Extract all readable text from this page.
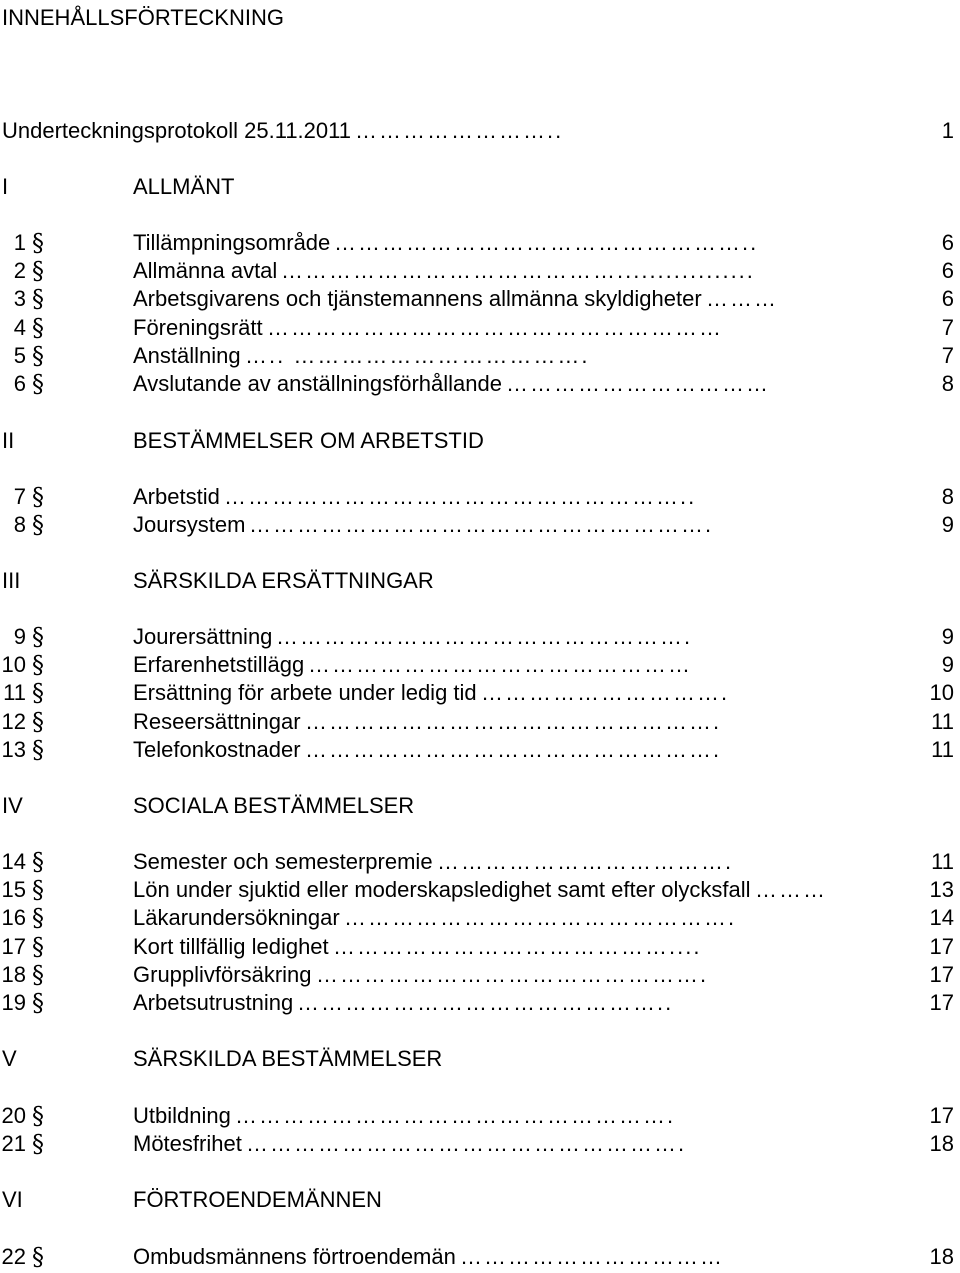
INNEHÅLLSFÖRTECKNING
Underteckningsprotokoll 25.11.2011 ……………………..	1
I	ALLMÄNT
1 §	Tillämpningsområde ……………………………………………..	6
2 §	Allmänna avtal …………………………………….................	6
3 §	Arbetsgivarens och tjänstemannens allmänna skyldigheter ………	6
4 §	Föreningsrätt …………………………………………………	7
5 §	Anställning ….. ……………………………….	7
6 §	Avslutande av anställningsförhållande ……………………………	8
II	BESTÄMMELSER OM ARBETSTID
7 §	Arbetstid …………………………………………………..	8
8 §	Joursystem ………………………………………………….	9
III	SÄRSKILDA ERSÄTTNINGAR
9 §	Jourersättning …………………………………………….	9
10 §	Erfarenhetstillägg …………………………………………	9
11 §	Ersättning för arbete under ledig tid ………………………….	10
12 §	Reseersättningar …………………………………………….	11
13 §	Telefonkostnader …………………………………………….	11
IV	SOCIALA BESTÄMMELSER
14 §	Semester och semesterpremie ……………………………….	11
15 §	Lön under sjuktid eller moderskapsledighet samt efter olycksfall ………	13
16 §	Läkarundersökningar ………………………………………….	14
17 §	Kort tillfällig ledighet ……………………………………....	17
18 §	Grupplivförsäkring ………………………………………….	17
19 §	Arbetsutrustning ………………………………………..	17
V	SÄRSKILDA BESTÄMMELSER
20 §	Utbildning ……………………………………………….	17
21 §	Mötesfrihet ……………………………………………….	18
VI	FÖRTROENDEMÄNNEN
22 §	Ombudsmännens förtroendemän ……………………………	18
